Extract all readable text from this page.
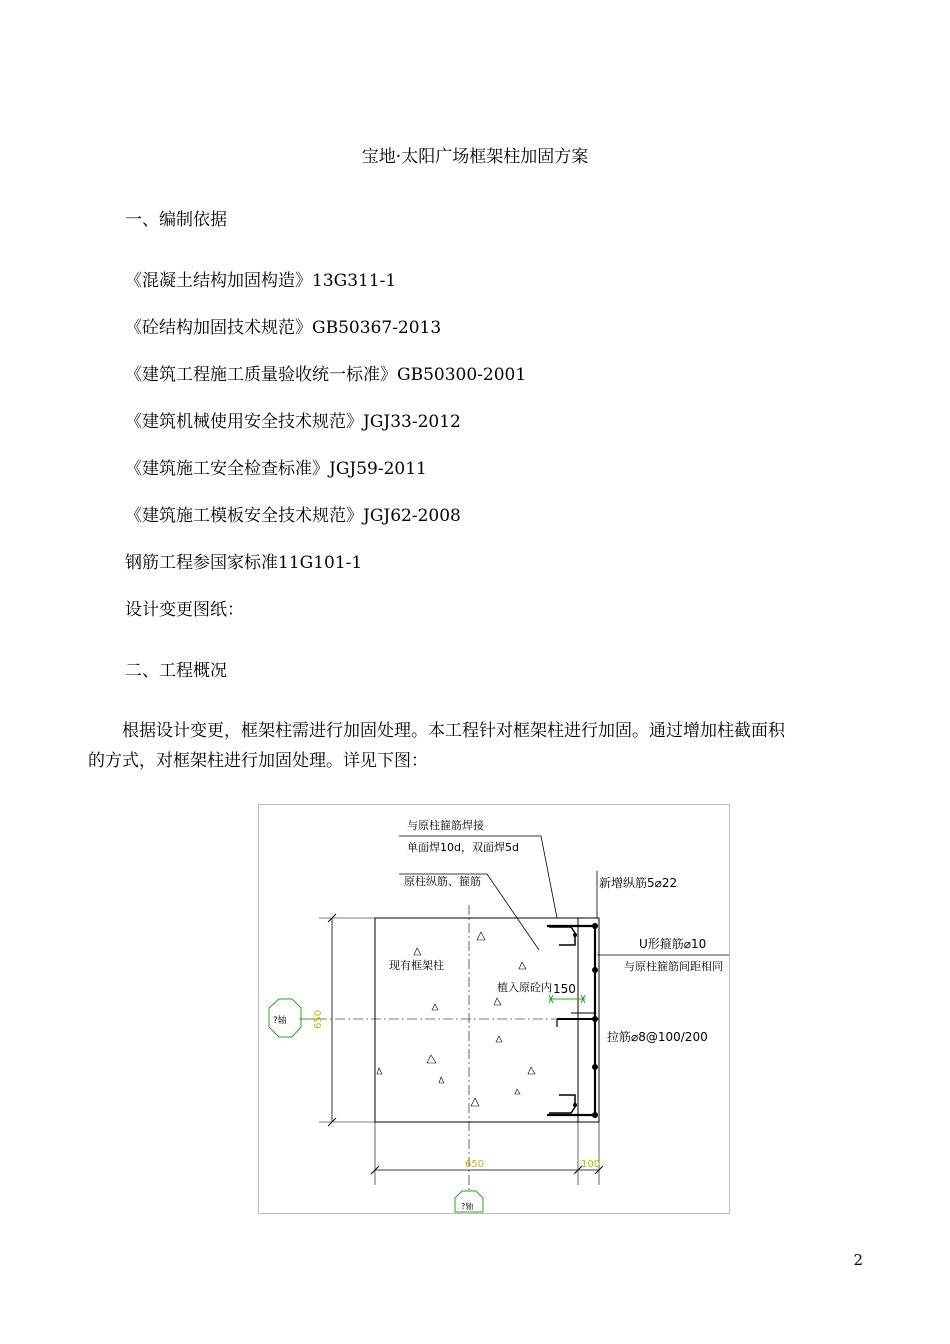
宝地·太阳广场框架柱加固方案
一、编制依据
《混凝土结构加固构造》13G311-1
《砼结构加固技术规范》GB50367-2013
《建筑工程施工质量验收统一标准》GB50300-2001
《建筑机械使用安全技术规范》JGJ33-2012
《建筑施工安全检查标准》JGJ59-2011
《建筑施工模板安全技术规范》JGJ62-2008
钢筋工程参国家标准11G101-1
设计变更图纸：
二、工程概况
根据设计变更，框架柱需进行加固处理。本工程针对框架柱进行加固。通过增加柱截面积
的方式，对框架柱进行加固处理。详见下图：
与原柱箍筋焊接
单面焊10d，双面焊5d
原柱纵筋、箍筋	新增纵筋5⌀22
U形箍筋⌀10
与原柱箍筋间距相同
现有框架柱
植入原砼内 150
拉筋⌀8@100/200
650
650	100
?轴
?轴
2
